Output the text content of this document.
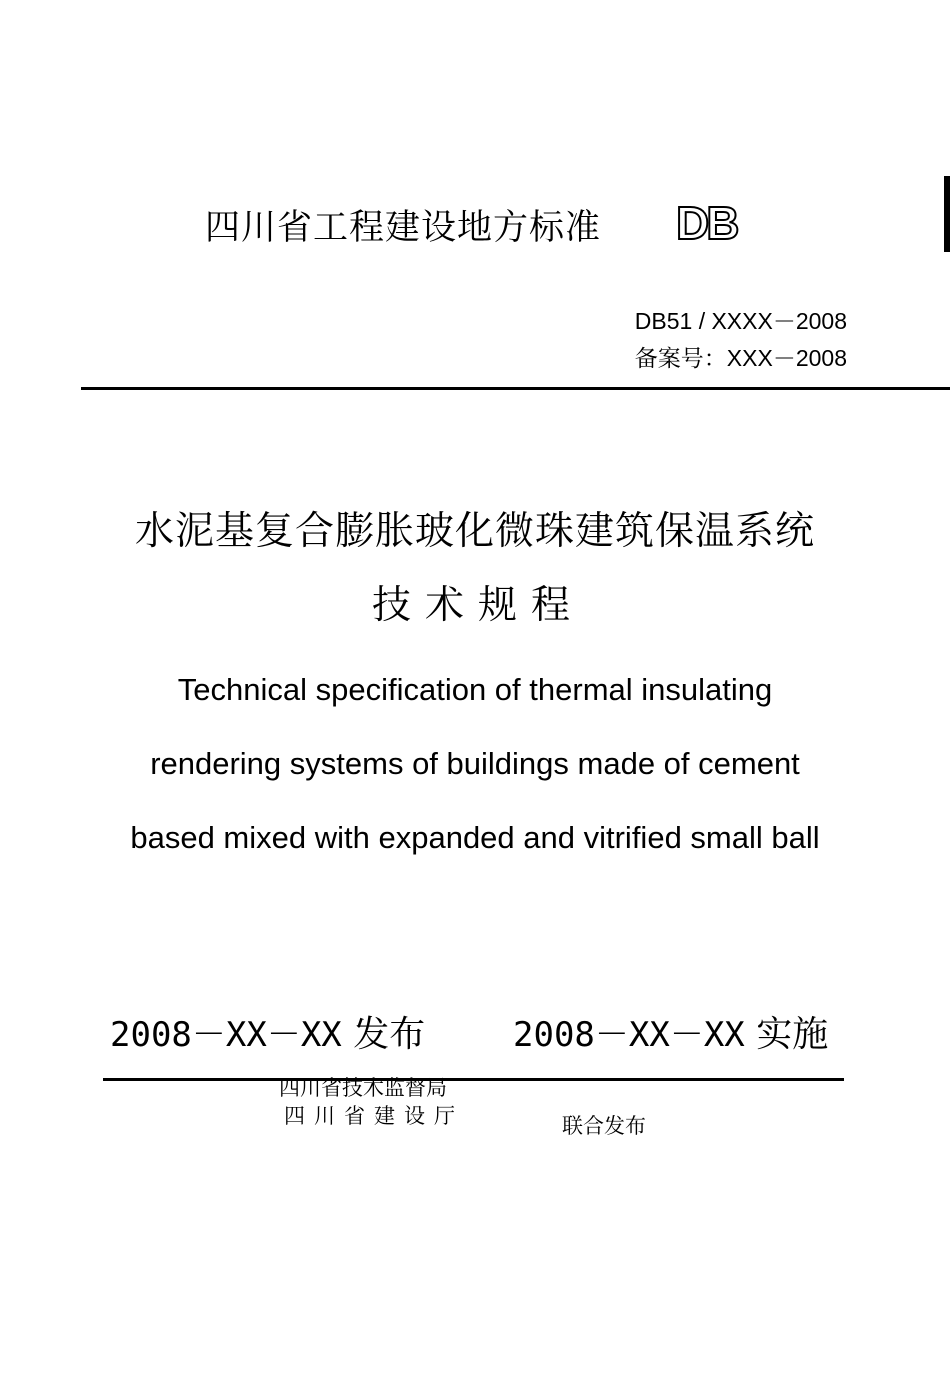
四川省工程建设地方标准 DB
DB51 / XXXX－2008
备案号：XXX－2008
水泥基复合膨胀玻化微珠建筑保温系统
技术规程
Technical specification of thermal insulating
rendering systems of buildings made of cement
based mixed with expanded and vitrified small ball
2008－XX－XX 发布	2008－XX－XX 实施
四川省技术监督局
四川省建设厅	联合发布
